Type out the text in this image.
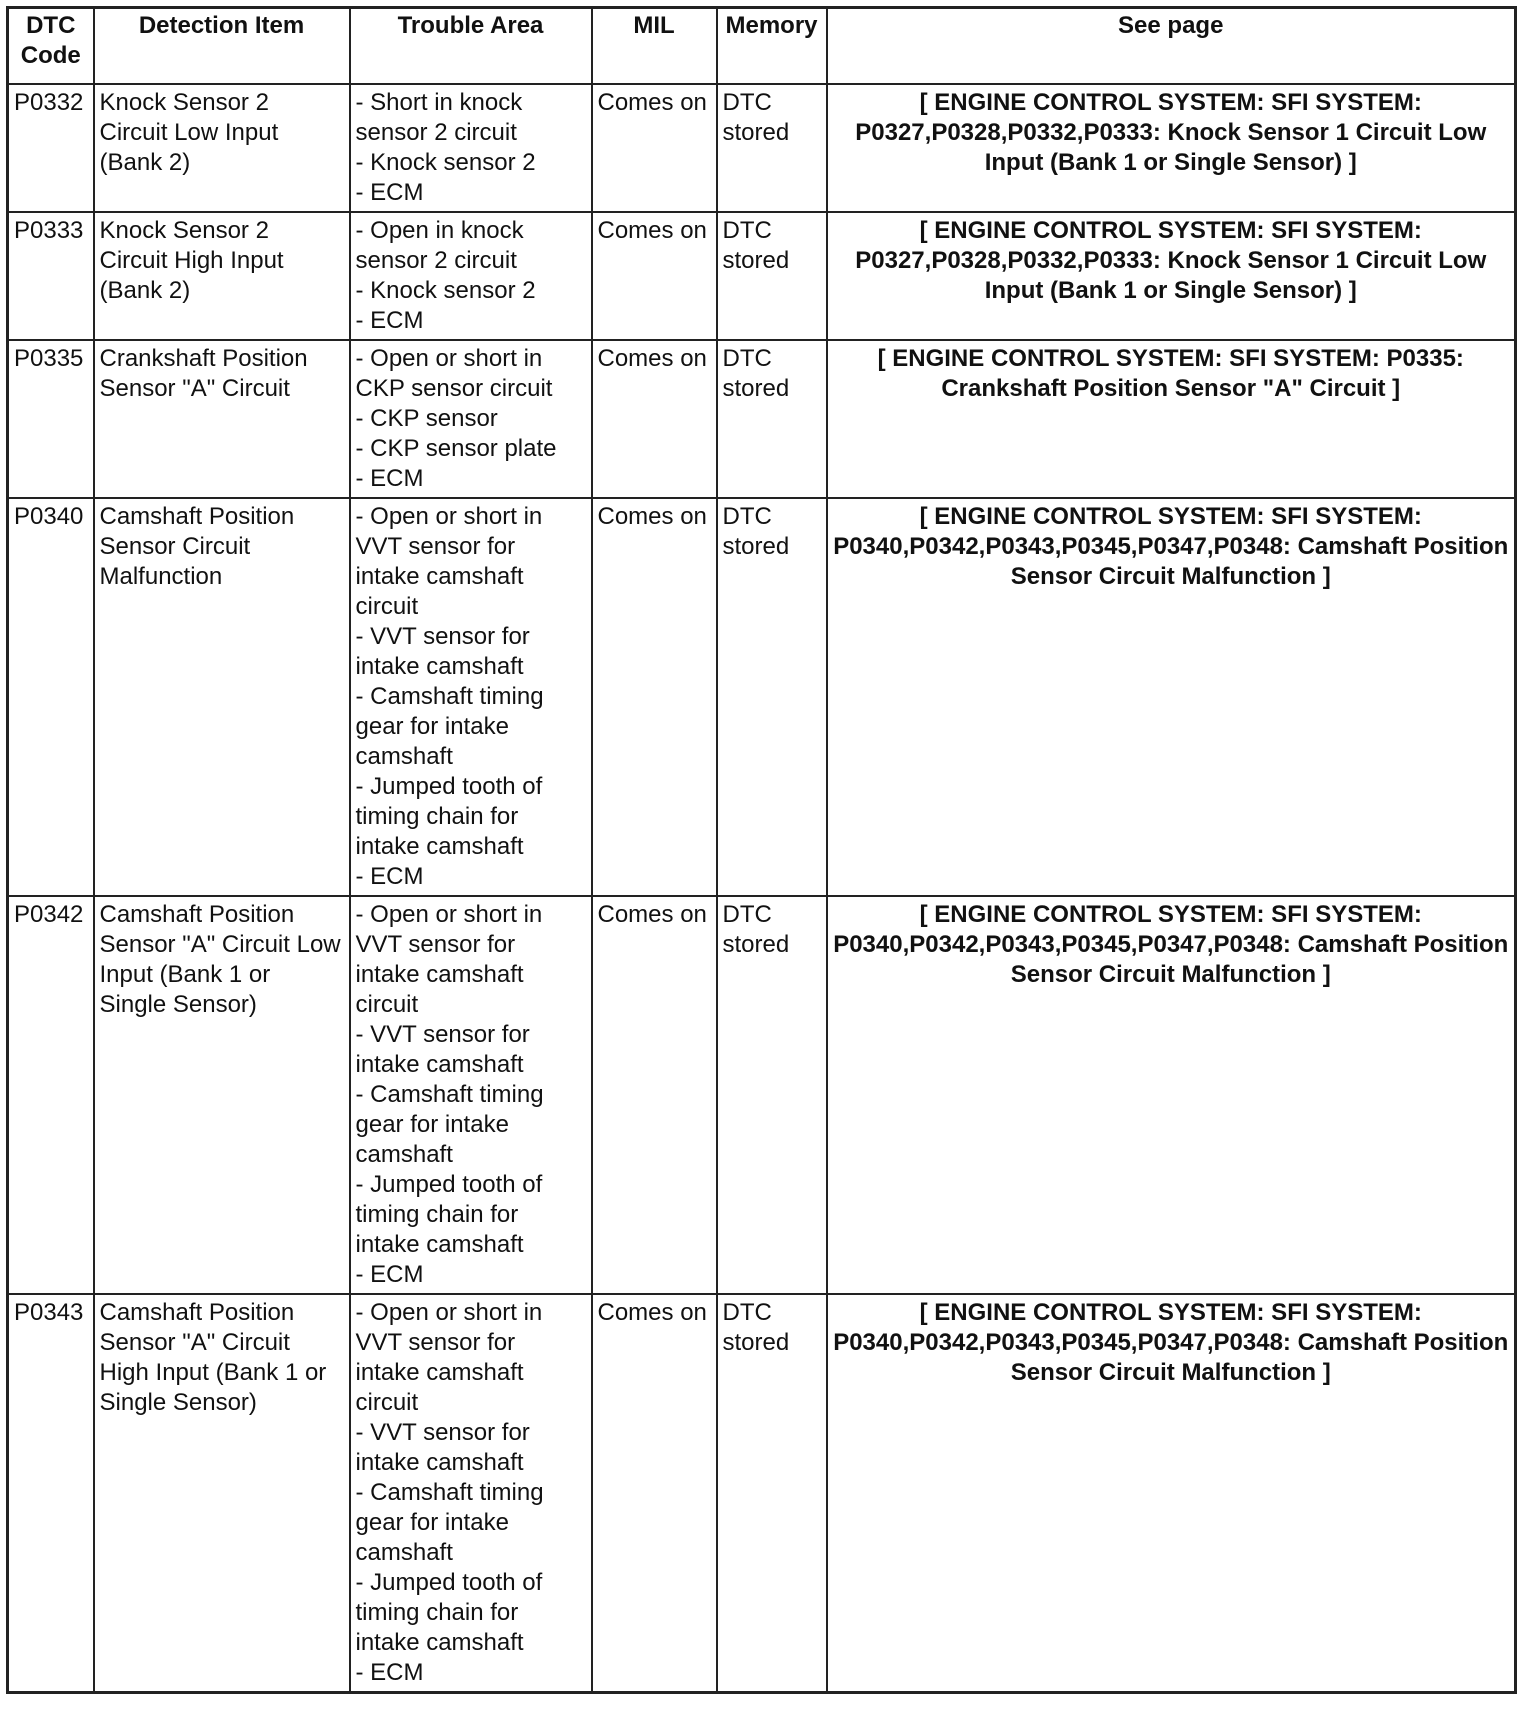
DTC Code	Detection Item	Trouble Area	MIL	Memory	See page
P0332	Knock Sensor 2 Circuit Low Input (Bank 2)	- Short in knock sensor 2 circuit
- Knock sensor 2
- ECM	Comes on	DTC stored	[ ENGINE CONTROL SYSTEM: SFI SYSTEM: P0327,P0328,P0332,P0333: Knock Sensor 1 Circuit Low Input (Bank 1 or Single Sensor) ]
P0333	Knock Sensor 2 Circuit High Input (Bank 2)	- Open in knock sensor 2 circuit
- Knock sensor 2
- ECM	Comes on	DTC stored	[ ENGINE CONTROL SYSTEM: SFI SYSTEM: P0327,P0328,P0332,P0333: Knock Sensor 1 Circuit Low Input (Bank 1 or Single Sensor) ]
P0335	Crankshaft Position Sensor "A" Circuit	- Open or short in CKP sensor circuit
- CKP sensor
- CKP sensor plate
- ECM	Comes on	DTC stored	[ ENGINE CONTROL SYSTEM: SFI SYSTEM: P0335: Crankshaft Position Sensor "A" Circuit ]
P0340	Camshaft Position Sensor Circuit Malfunction	- Open or short in VVT sensor for intake camshaft circuit
- VVT sensor for intake camshaft
- Camshaft timing gear for intake camshaft
- Jumped tooth of timing chain for intake camshaft
- ECM	Comes on	DTC stored	[ ENGINE CONTROL SYSTEM: SFI SYSTEM: P0340,P0342,P0343,P0345,P0347,P0348: Camshaft Position Sensor Circuit Malfunction ]
P0342	Camshaft Position Sensor "A" Circuit Low Input (Bank 1 or Single Sensor)	- Open or short in VVT sensor for intake camshaft circuit
- VVT sensor for intake camshaft
- Camshaft timing gear for intake camshaft
- Jumped tooth of timing chain for intake camshaft
- ECM	Comes on	DTC stored	[ ENGINE CONTROL SYSTEM: SFI SYSTEM: P0340,P0342,P0343,P0345,P0347,P0348: Camshaft Position Sensor Circuit Malfunction ]
P0343	Camshaft Position Sensor "A" Circuit High Input (Bank 1 or Single Sensor)	- Open or short in VVT sensor for intake camshaft circuit
- VVT sensor for intake camshaft
- Camshaft timing gear for intake camshaft
- Jumped tooth of timing chain for intake camshaft
- ECM	Comes on	DTC stored	[ ENGINE CONTROL SYSTEM: SFI SYSTEM: P0340,P0342,P0343,P0345,P0347,P0348: Camshaft Position Sensor Circuit Malfunction ]
